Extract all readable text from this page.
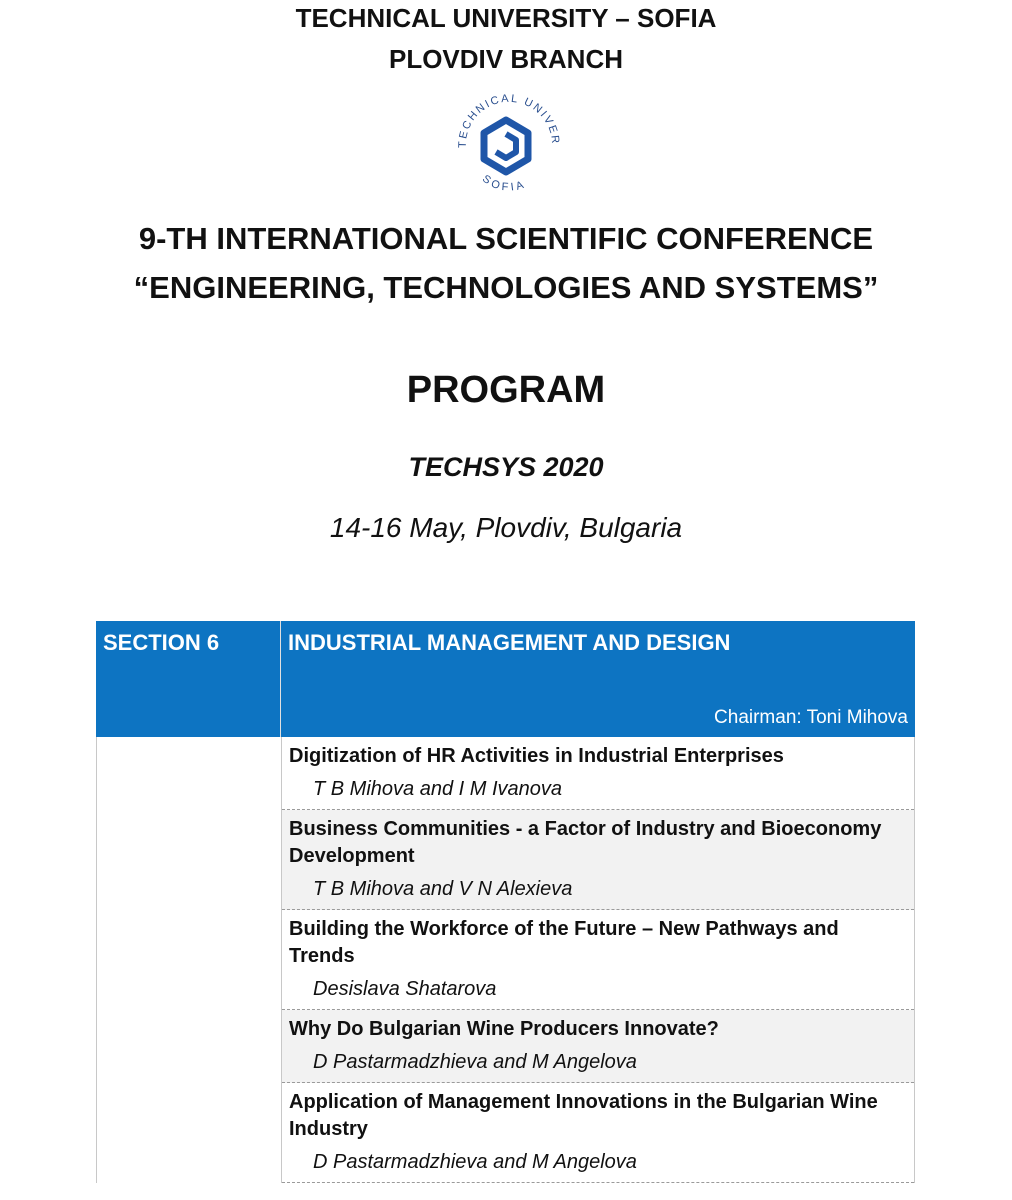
TECHNICAL UNIVERSITY – SOFIA
PLOVDIV BRANCH
TECHNICAL UNIVER
SOFIA
9-TH INTERNATIONAL SCIENTIFIC CONFERENCE
“ENGINEERING, TECHNOLOGIES AND SYSTEMS”
PROGRAM
TECHSYS 2020
14-16 May, Plovdiv, Bulgaria
SECTION 6	INDUSTRIAL MANAGEMENT AND DESIGN
Chairman: Toni Mihova
Digitization of HR Activities in Industrial Enterprises
T B Mihova and I M Ivanova
Business Communities - a Factor of Industry and Bioeconomy Development
T B Mihova and V N Alexieva
Building the Workforce of the Future – New Pathways and Trends
Desislava Shatarova
Why Do Bulgarian Wine Producers Innovate?
D Pastarmadzhieva and M Angelova
Application of Management Innovations in the Bulgarian Wine Industry
D Pastarmadzhieva and M Angelova
